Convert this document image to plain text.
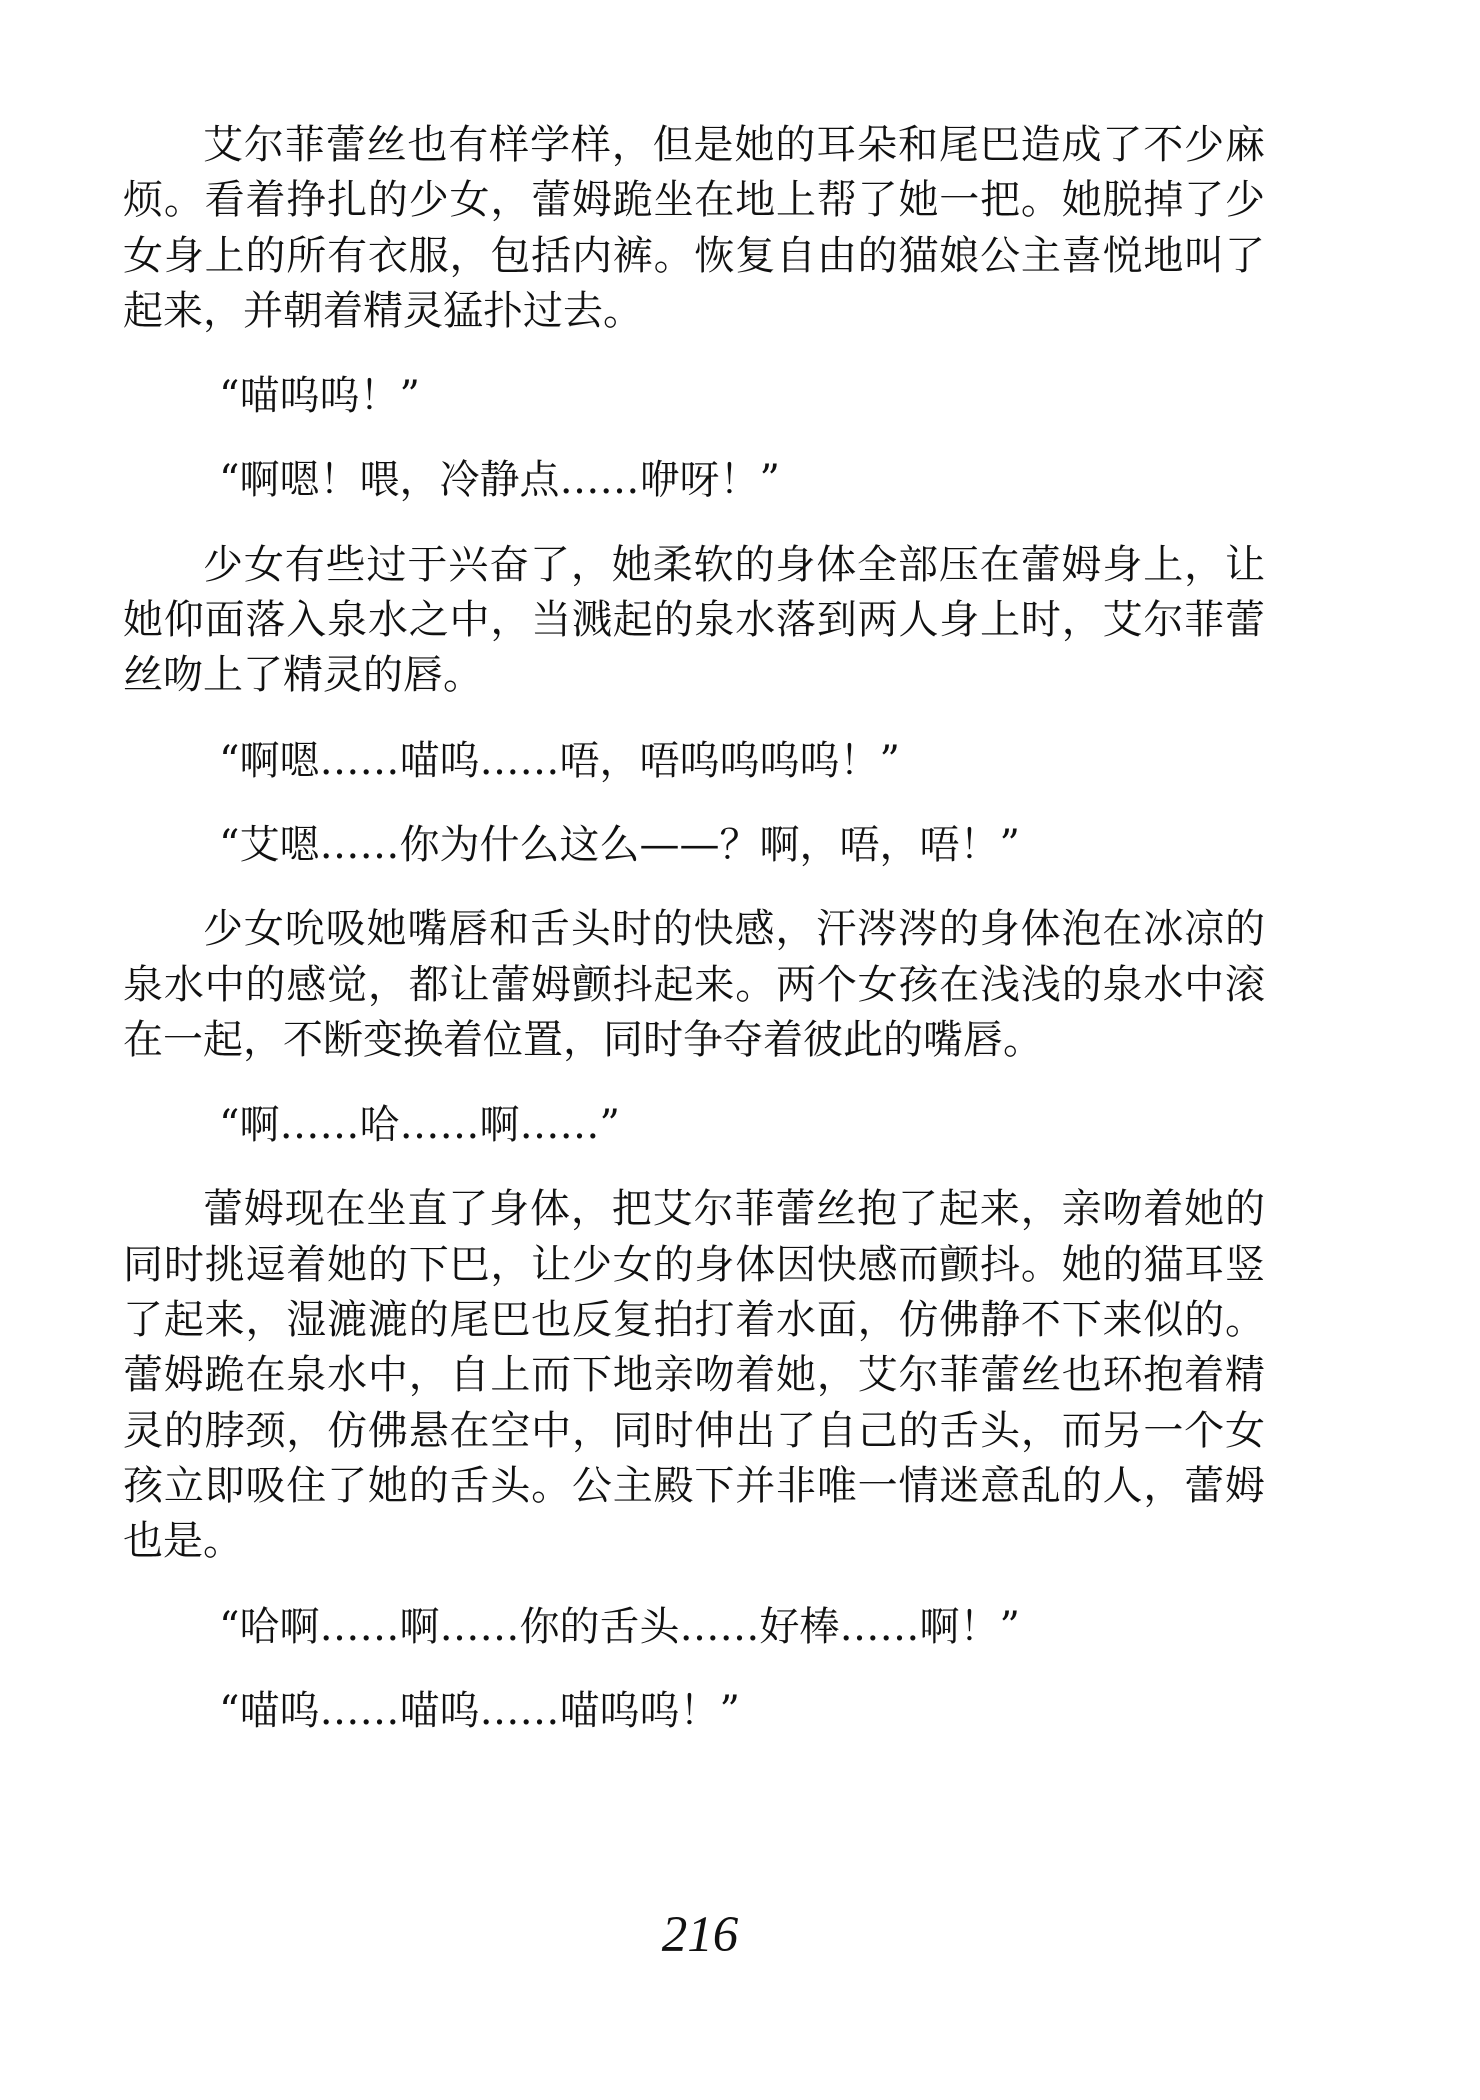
艾尔菲蕾丝也有样学样，但是她的耳朵和尾巴造成了不少麻烦。看着挣扎的少女，蕾姆跪坐在地上帮了她一把。她脱掉了少女身上的所有衣服，包括内裤。恢复自由的猫娘公主喜悦地叫了起来，并朝着精灵猛扑过去。

“喵呜呜！”

“啊嗯！喂，冷静点……咿呀！”

少女有些过于兴奋了，她柔软的身体全部压在蕾姆身上，让她仰面落入泉水之中，当溅起的泉水落到两人身上时，艾尔菲蕾丝吻上了精灵的唇。

“啊嗯……喵呜……唔，唔呜呜呜呜！”

“艾嗯……你为什么这么——？啊，唔，唔！”

少女吮吸她嘴唇和舌头时的快感，汗涔涔的身体泡在冰凉的泉水中的感觉，都让蕾姆颤抖起来。两个女孩在浅浅的泉水中滚在一起，不断变换着位置，同时争夺着彼此的嘴唇。

“啊……哈……啊……”

蕾姆现在坐直了身体，把艾尔菲蕾丝抱了起来，亲吻着她的同时挑逗着她的下巴，让少女的身体因快感而颤抖。她的猫耳竖了起来，湿漉漉的尾巴也反复拍打着水面，仿佛静不下来似的。蕾姆跪在泉水中，自上而下地亲吻着她，艾尔菲蕾丝也环抱着精灵的脖颈，仿佛悬在空中，同时伸出了自己的舌头，而另一个女孩立即吸住了她的舌头。公主殿下并非唯一情迷意乱的人，蕾姆也是。

“哈啊……啊……你的舌头……好棒……啊！”

“喵呜……喵呜……喵呜呜！”

216
